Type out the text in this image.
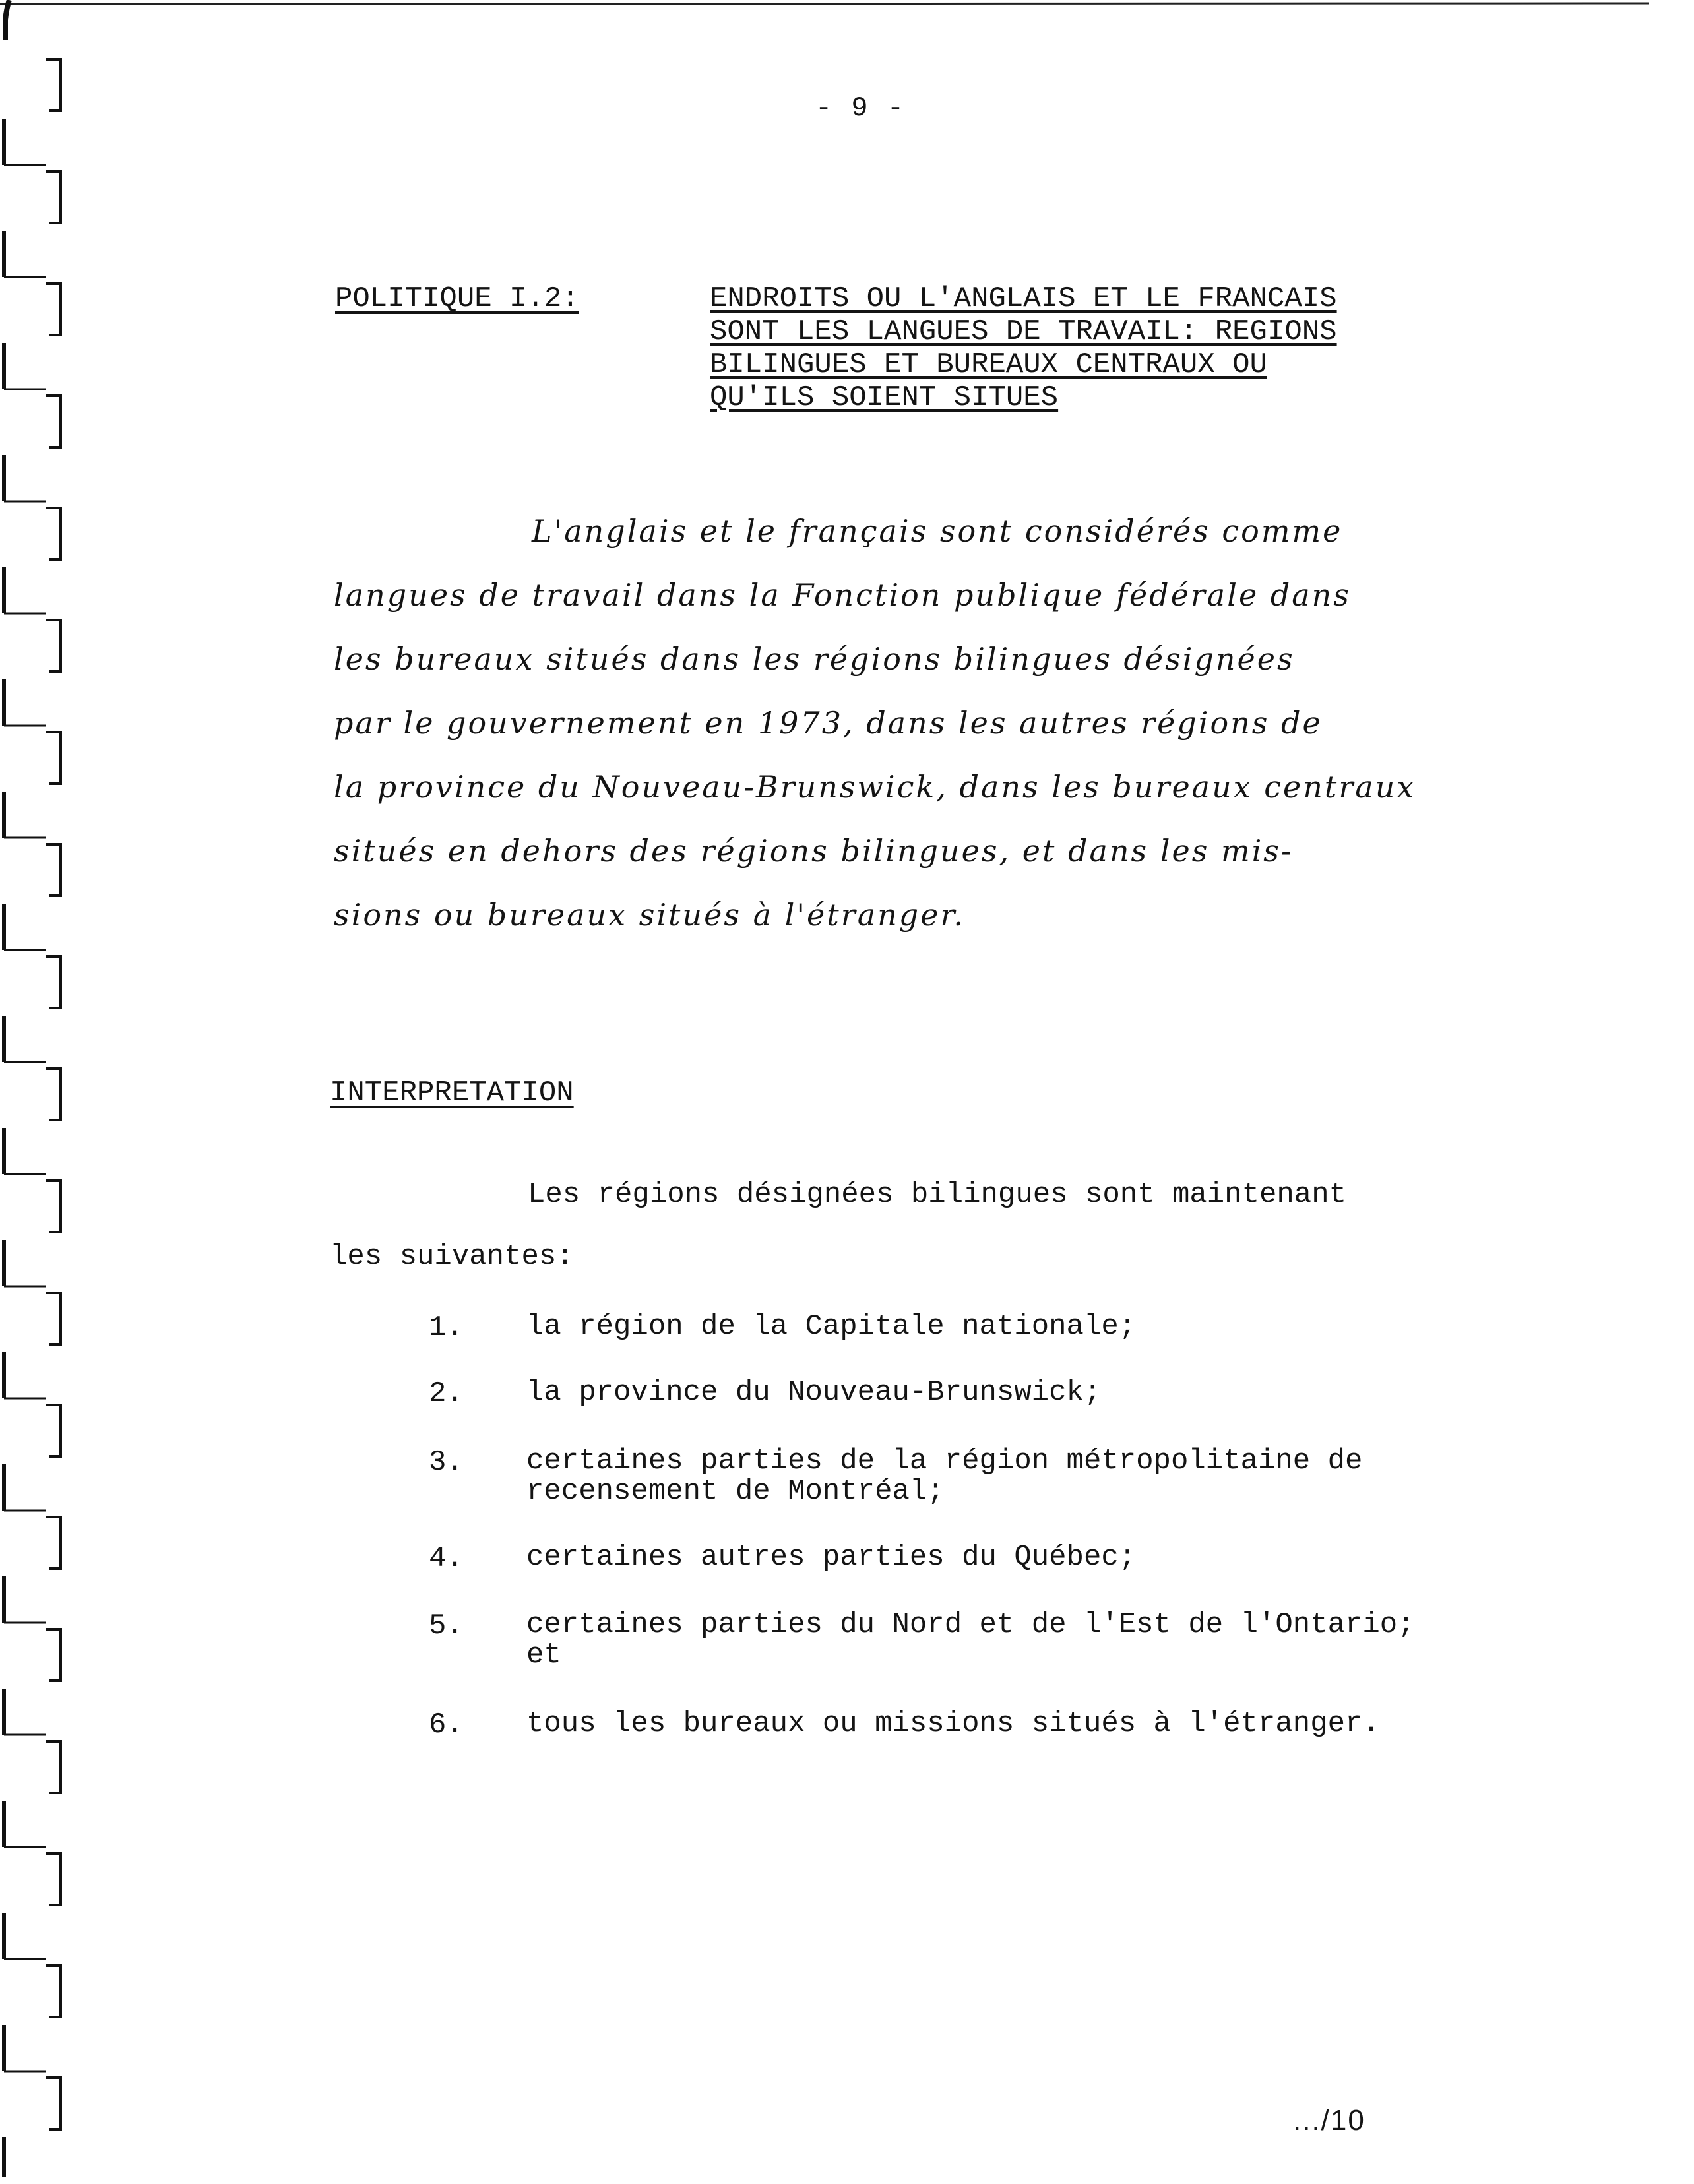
- 9 -
POLITIQUE I.2:	ENDROITS OU L'ANGLAIS ET LE FRANCAIS
SONT LES LANGUES DE TRAVAIL: REGIONS
BILINGUES ET BUREAUX CENTRAUX OU
QU'ILS SOIENT SITUES
L'anglais et le français sont considérés comme
langues de travail dans la Fonction publique fédérale dans
les bureaux situés dans les régions bilingues désignées
par le gouvernement en 1973, dans les autres régions de
la province du Nouveau-Brunswick, dans les bureaux centraux
situés en dehors des régions bilingues, et dans les mis-
sions ou bureaux situés à l'étranger.
INTERPRETATION
Les régions désignées bilingues sont maintenant
les suivantes:
1. la région de la Capitale nationale;
2. la province du Nouveau-Brunswick;
3. certaines parties de la région métropolitaine de
recensement de Montréal;
4. certaines autres parties du Québec;
5. certaines parties du Nord et de l'Est de l'Ontario;
et
6. tous les bureaux ou missions situés à l'étranger.
.../10
